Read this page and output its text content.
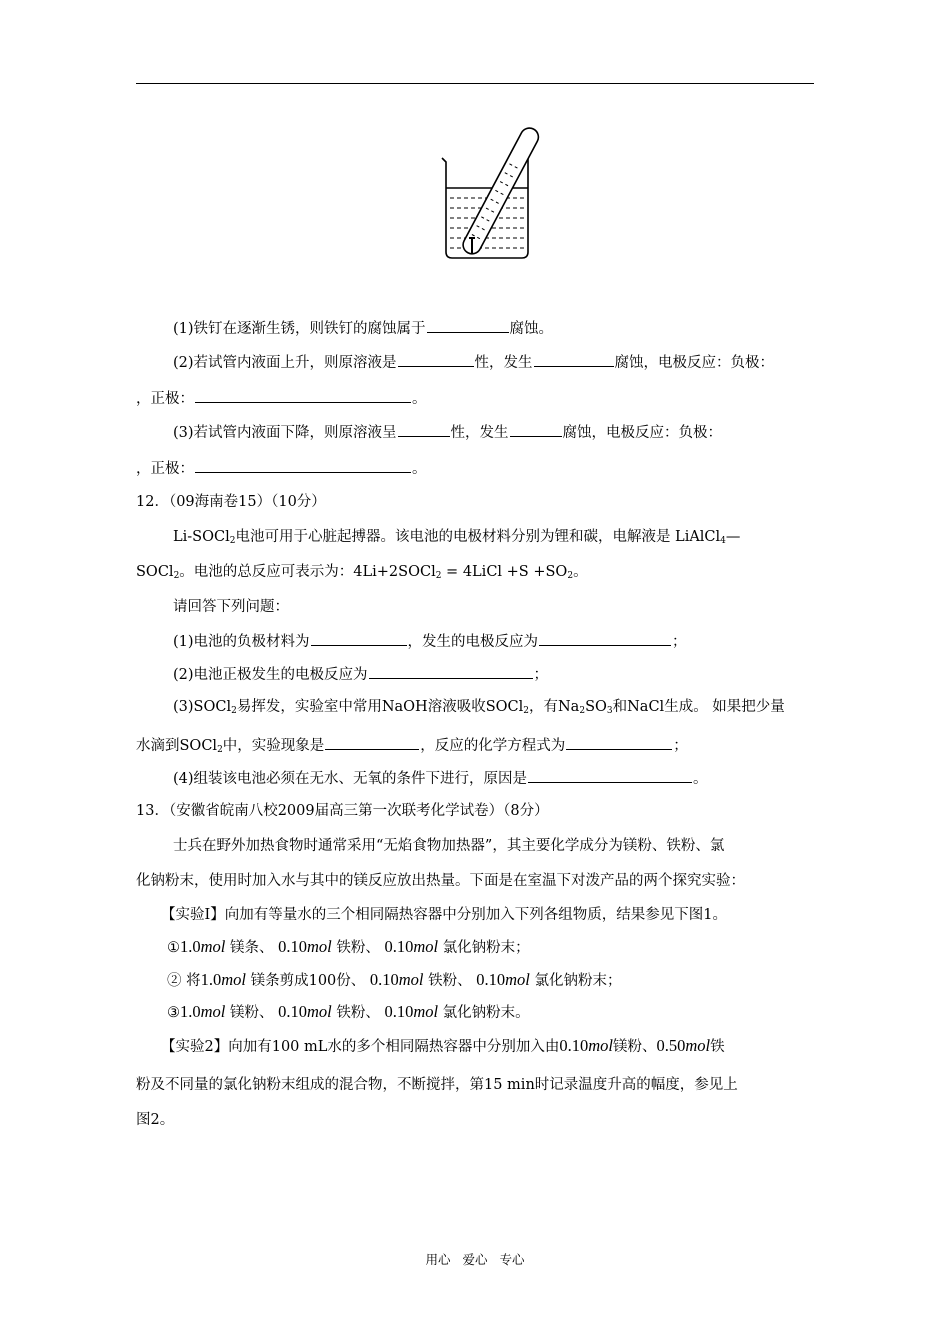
(1)铁钉在逐渐生锈，则铁钉的腐蚀属于	腐蚀。
(2)若试管内液面上升，则原溶液是	性，发生	腐蚀，电极反应：负极：
，正极：	。
(3)若试管内液面下降，则原溶液呈	性，发生	腐蚀，电极反应：负极：
，正极：	。
12．（09海南卷15）（10分）
Li-SOCl$_2$电池可用于心脏起搏器。该电池的电极材料分别为锂和碳，电解液是 LiAlCl$_4$—
SOCl$_2$。电池的总反应可表示为：4Li+2SOCl$_2$ = 4LiCl $+S +SO_2$。
请回答下列问题：
(1)电池的负极材料为	，发生的电极反应为	；
(2)电池正极发生的电极反应为	；
(3)SOCl$_2$易挥发，实验室中常用NaOH溶液吸收SOCl$_2$，有$Na_2SO_3$和NaCl生成。 如果把少量
水滴到SOCl$_2$中，实验现象是	，反应的化学方程式为	；
(4)组装该电池必须在无水、无氧的条件下进行，原因是	。
13．（安徽省皖南八校2009届高三第一次联考化学试卷）（8分）
士兵在野外加热食物时通常采用“无焰食物加热器”，其主要化学成分为镁粉、铁粉、氯
化钠粉末，使用时加入水与其中的镁反应放出热量。下面是在室温下对泼产品的两个探究实验：
【实验Ⅰ】向加有等量水的三个相同隔热容器中分别加入下列各组物质，结果参见下图1。
①1.0mol 镁条、 0.10mol 铁粉、 0.10mol 氯化钠粉末；
② 将1.0mol 镁条剪成100份、 0.10mol 铁粉、 0.10mol 氯化钠粉末；
③1.0mol 镁粉、 0.10mol 铁粉、 0.10mol 氯化钠粉末。
【实验2】向加有100 mL水的多个相同隔热容器中分别加入由0.10mol镁粉、0.50mol铁
粉及不同量的氯化钠粉末组成的混合物，不断搅拌，第15 min时记录温度升高的幅度，参见上
图2。
用心 爱心 专心
